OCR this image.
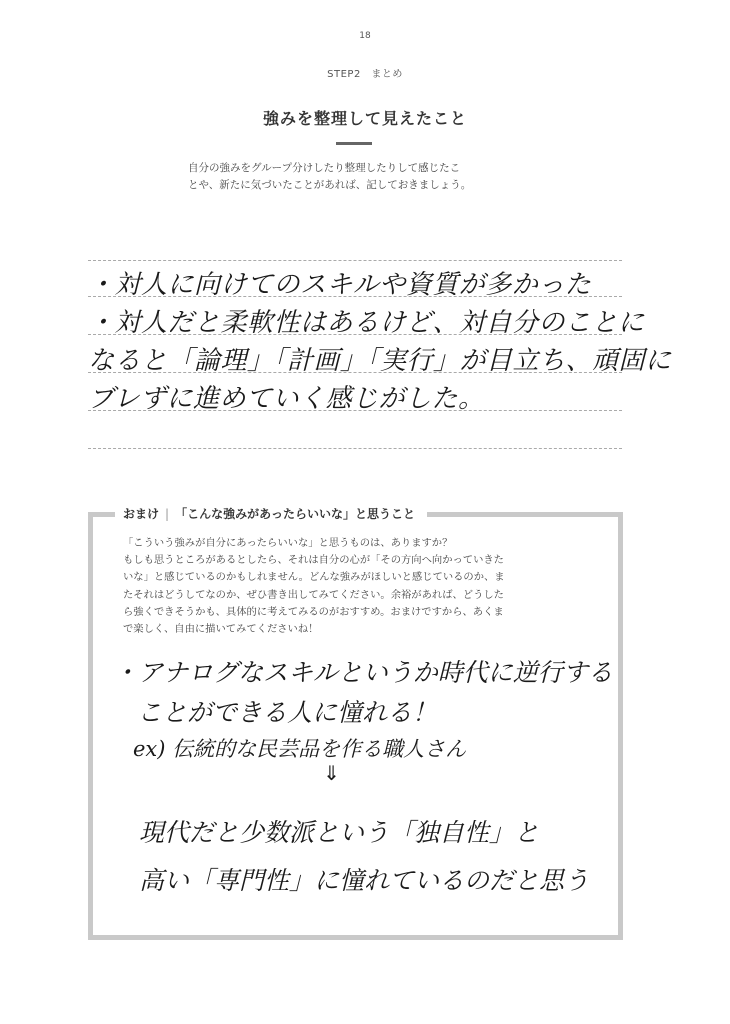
18
STEP2　まとめ
強みを整理して見えたこと
自分の強みをグループ分けしたり整理したりして感じたこ
とや、新たに気づいたことがあれば、記しておきましょう。
・対人に向けてのスキルや資質が多かった
・対人だと柔軟性はあるけど、対自分のことに
なると「論理」「計画」「実行」が目立ち、頑固に
ブレずに進めていく感じがした。
おまけ | 「こんな強みがあったらいいな」と思うこと
「こういう強みが自分にあったらいいな」と思うものは、ありますか？
もしも思うところがあるとしたら、それは自分の心が「その方向へ向かっていきた
いな」と感じているのかもしれません。どんな強みがほしいと感じているのか、ま
たそれはどうしてなのか、ぜひ書き出してみてください。余裕があれば、どうした
ら強くできそうかも、具体的に考えてみるのがおすすめ。おまけですから、あくま
で楽しく、自由に描いてみてくださいね！
・アナログなスキルというか時代に逆行する
ことができる人に憧れる！
ex) 伝統的な民芸品を作る職人さん
⇓
現代だと少数派という「独自性」と
高い「専門性」に憧れているのだと思う
